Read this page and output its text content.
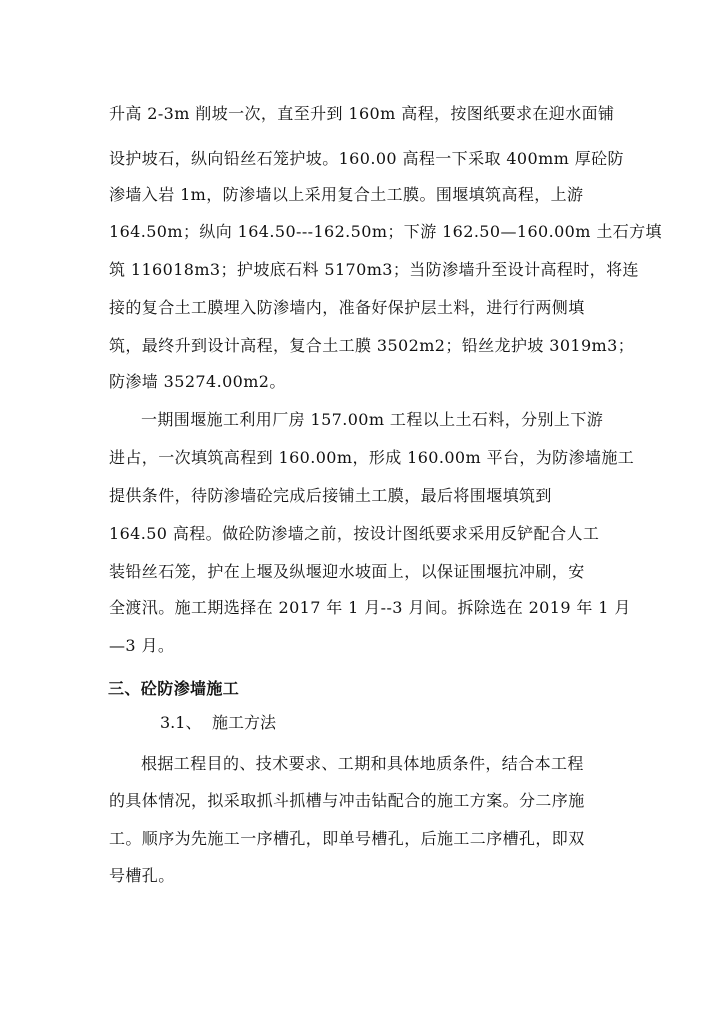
升高 2-3m 削坡一次，直至升到 160m 高程，按图纸要求在迎水面铺
设护坡石，纵向铅丝石笼护坡。160.00 高程一下采取 400mm 厚砼防
渗墙入岩 1m，防渗墙以上采用复合土工膜。围堰填筑高程，上游
164.50m；纵向 164.50---162.50m；下游 162.50—160.00m 土石方填
筑 116018m3；护坡底石料 5170m3；当防渗墙升至设计高程时，将连
接的复合土工膜埋入防渗墙内，准备好保护层土料，进行行两侧填
筑，最终升到设计高程，复合土工膜 3502m2；铅丝龙护坡 3019m3；
防渗墙 35274.00m2。
一期围堰施工利用厂房 157.00m 工程以上土石料，分别上下游
进占，一次填筑高程到 160.00m，形成 160.00m 平台，为防渗墙施工
提供条件，待防渗墙砼完成后接铺土工膜，最后将围堰填筑到
164.50 高程。做砼防渗墙之前，按设计图纸要求采用反铲配合人工
装铅丝石笼，护在上堰及纵堰迎水坡面上，以保证围堰抗冲刷，安
全渡汛。施工期选择在 2017 年 1 月--3 月间。拆除选在 2019 年 1 月
—3 月。
三、砼防渗墙施工
3.1、 施工方法
根据工程目的、技术要求、工期和具体地质条件，结合本工程
的具体情况，拟采取抓斗抓槽与冲击钻配合的施工方案。分二序施
工。顺序为先施工一序槽孔，即单号槽孔，后施工二序槽孔，即双
号槽孔。
